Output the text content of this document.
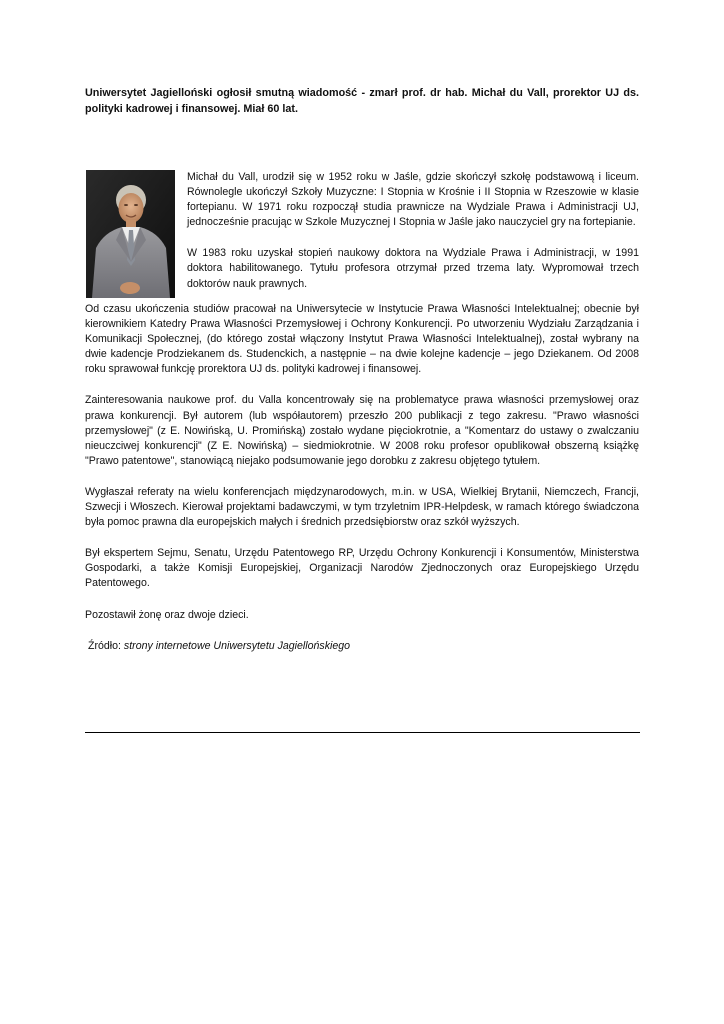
Uniwersytet Jagielloński ogłosił smutną wiadomość - zmarł prof. dr hab. Michał du Vall, prorektor UJ ds. polityki kadrowej i finansowej. Miał 60 lat.

Michał du Vall, urodził się w 1952 roku w Jaśle, gdzie skończył szkołę podstawową i liceum. Równolegle ukończył Szkoły Muzyczne: I Stopnia w Krośnie i II Stopnia w Rzeszowie w klasie fortepianu. W 1971 roku rozpoczął studia prawnicze na Wydziale Prawa i Administracji UJ, jednocześnie pracując w Szkole Muzycznej I Stopnia w Jaśle jako nauczyciel gry na fortepianie.

W 1983 roku uzyskał stopień naukowy doktora na Wydziale Prawa i Administracji, w 1991 doktora habilitowanego. Tytułu profesora otrzymał przed trzema laty. Wypromował trzech doktorów nauk prawnych.

Od czasu ukończenia studiów pracował na Uniwersytecie w Instytucie Prawa Własności Intelektualnej; obecnie był kierownikiem Katedry Prawa Własności Przemysłowej i Ochrony Konkurencji. Po utworzeniu Wydziału Zarządzania i Komunikacji Społecznej, (do którego został włączony Instytut Prawa Własności Intelektualnej), został wybrany na dwie kadencje Prodziekanem ds. Studenckich, a następnie – na dwie kolejne kadencje – jego Dziekanem. Od 2008 roku sprawował funkcję prorektora UJ ds. polityki kadrowej i finansowej.

Zainteresowania naukowe prof. du Valla koncentrowały się na problematyce prawa własności przemysłowej oraz prawa konkurencji. Był autorem (lub współautorem) przeszło 200 publikacji z tego zakresu. "Prawo własności przemysłowej" (z E. Nowińską, U. Promińską) zostało wydane pięciokrotnie, a "Komentarz do ustawy o zwalczaniu nieuczciwej konkurencji" (Z E. Nowińską) – siedmiokrotnie. W 2008 roku profesor opublikował obszerną książkę "Prawo patentowe", stanowiącą niejako podsumowanie jego dorobku z zakresu objętego tytułem.

Wygłaszał referaty na wielu konferencjach międzynarodowych, m.in. w USA, Wielkiej Brytanii, Niemczech, Francji, Szwecji i Włoszech. Kierował projektami badawczymi, w tym trzyletnim IPR-Helpdesk, w ramach którego świadczona była pomoc prawna dla europejskich małych i średnich przedsiębiorstw oraz szkół wyższych.

Był ekspertem Sejmu, Senatu, Urzędu Patentowego RP, Urzędu Ochrony Konkurencji i Konsumentów, Ministerstwa Gospodarki, a także Komisji Europejskiej, Organizacji Narodów Zjednoczonych oraz Europejskiego Urzędu Patentowego.

Pozostawił żonę oraz dwoje dzieci.

Źródło: strony internetowe Uniwersytetu Jagiellońskiego
